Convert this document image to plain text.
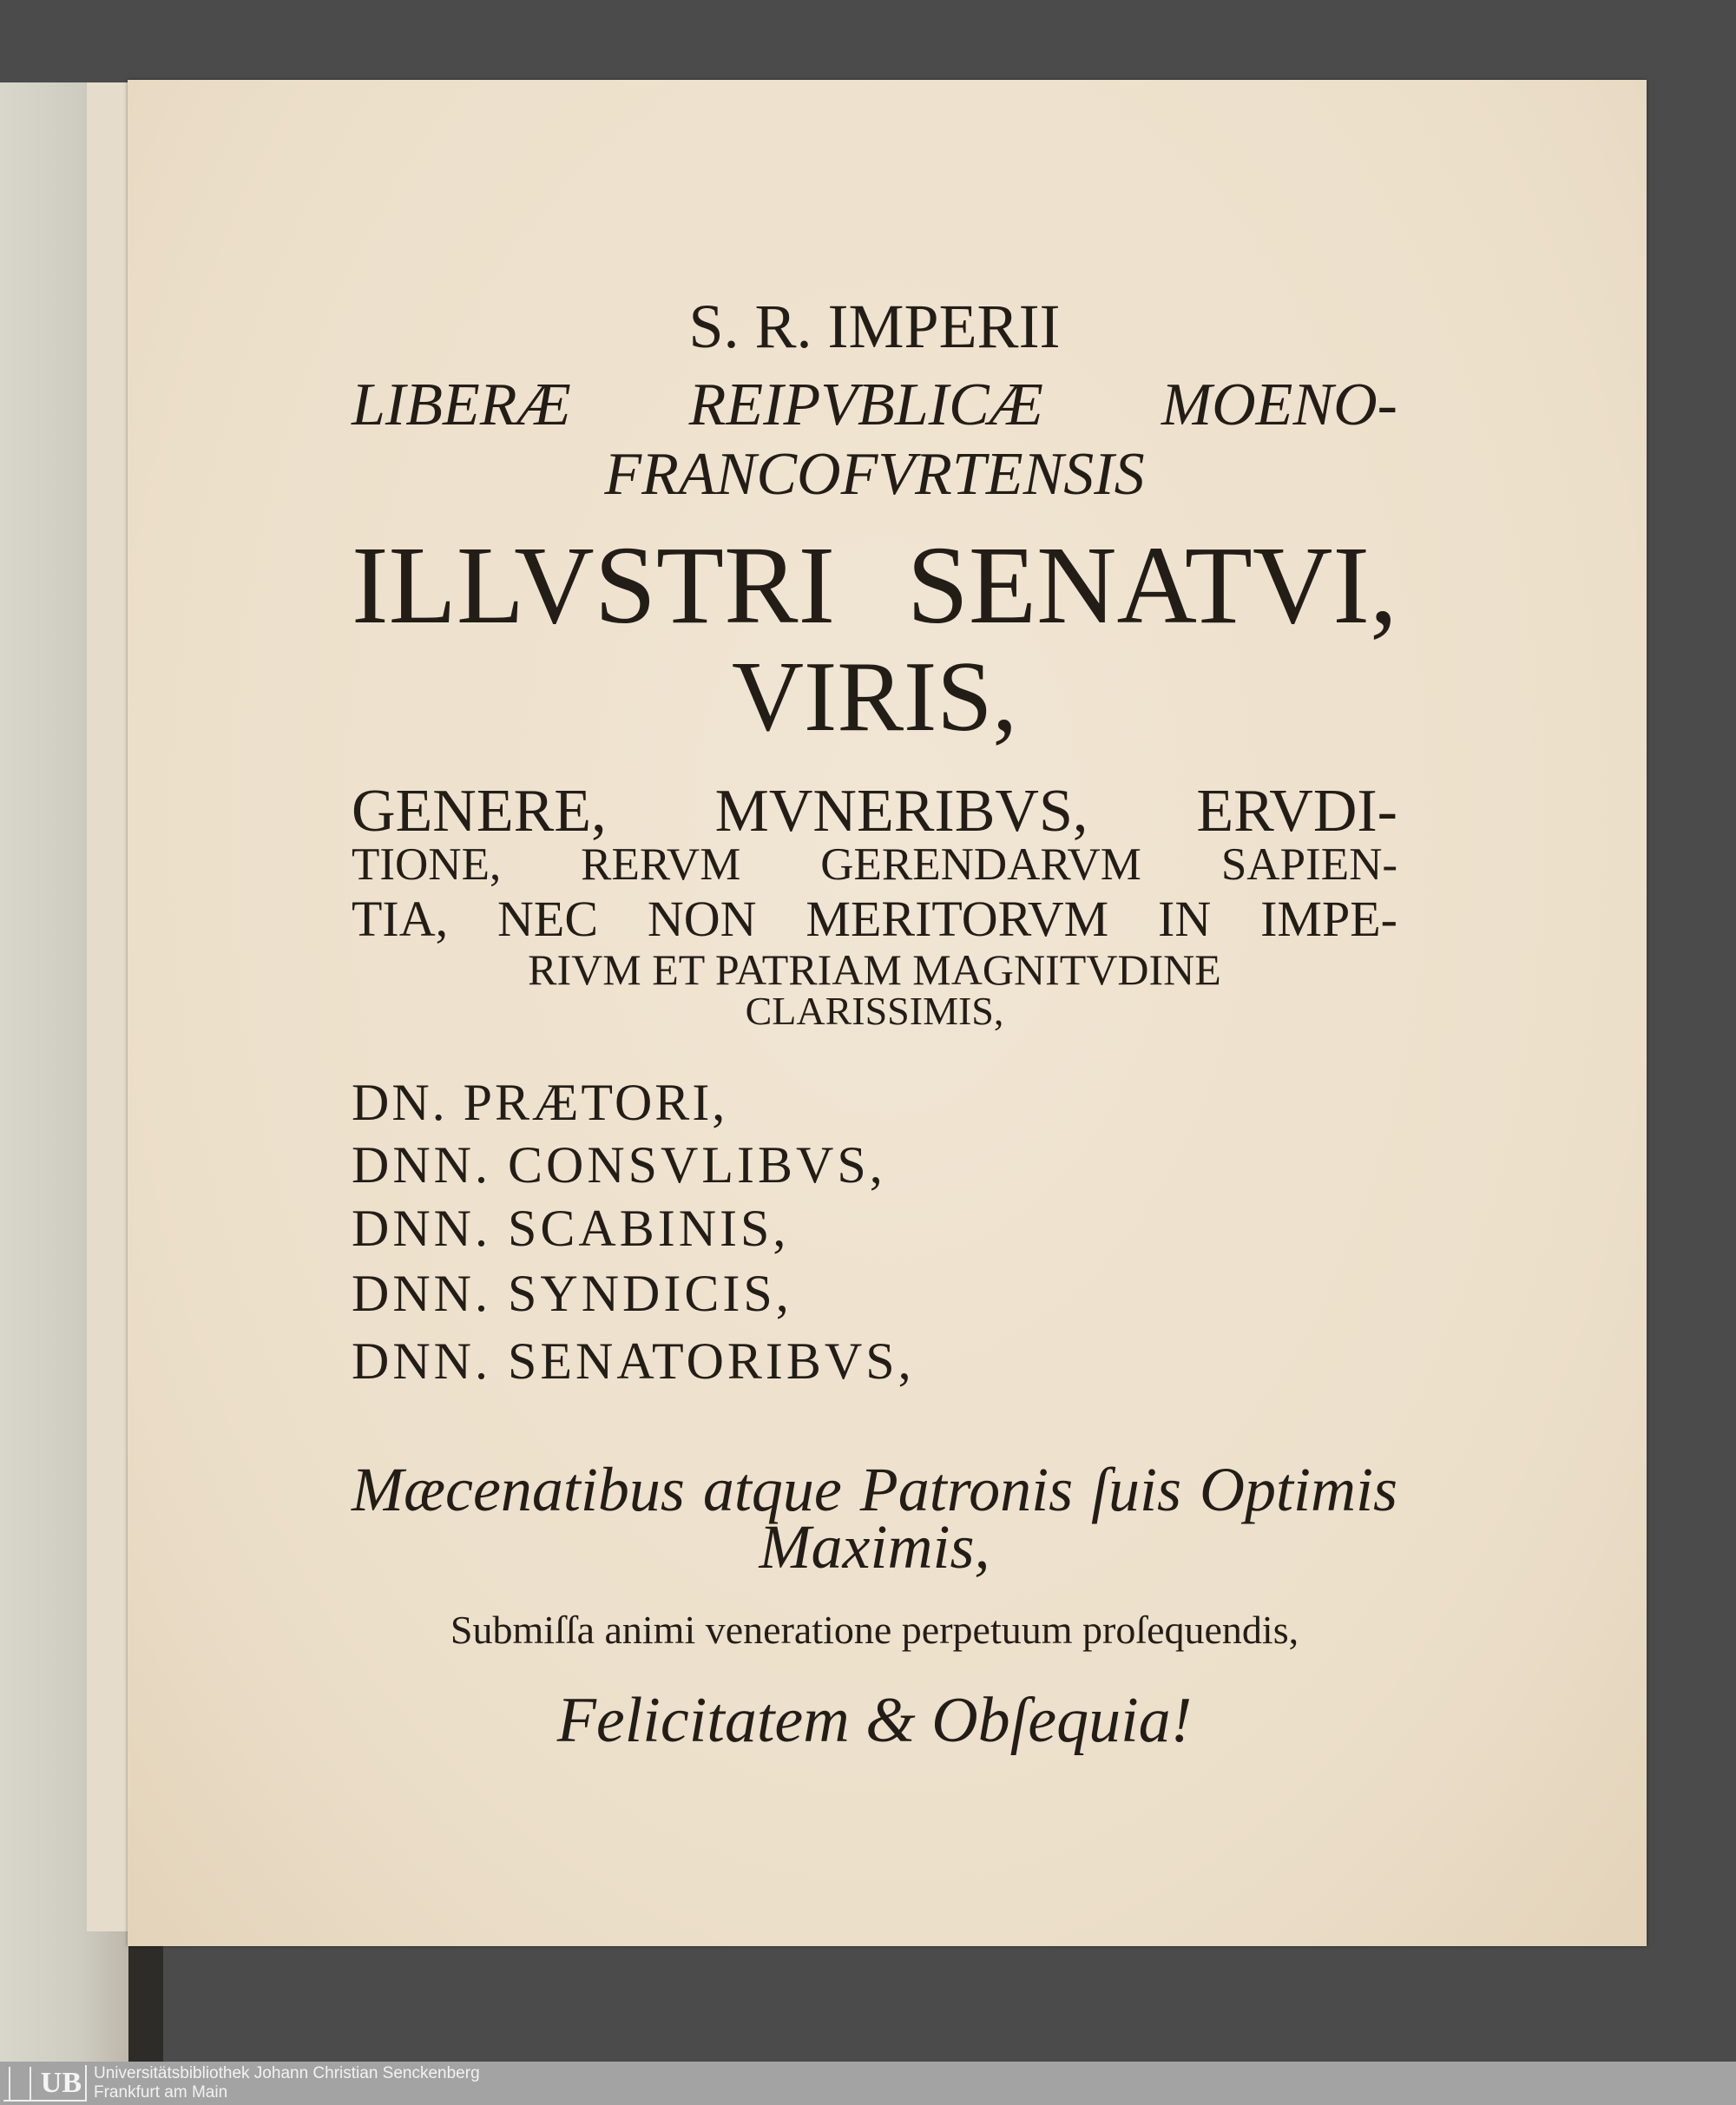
S. R. IMPERII
LIBERÆ REIPVBLICÆ MOENO-
FRANCOFVRTENSIS
ILLVSTRI SENATVI,
VIRIS,
GENERE, MVNERIBVS, ERVDI-
TIONE, RERVM GERENDARVM SAPIEN-
TIA, NEC NON MERITORVM IN IMPE-
RIVM ET PATRIAM MAGNITVDINE
CLARISSIMIS,
DN. PRÆTORI,
DNN. CONSVLIBVS,
DNN. SCABINIS,
DNN. SYNDICIS,
DNN. SENATORIBVS,
Mæcenatibus atque Patronis ſuis Optimis
Maximis,
Submiſſa animi veneratione perpetuum proſequendis,
Felicitatem & Obſequia!
UB Universitätsbibliothek Johann Christian Senckenberg
Frankfurt am Main
